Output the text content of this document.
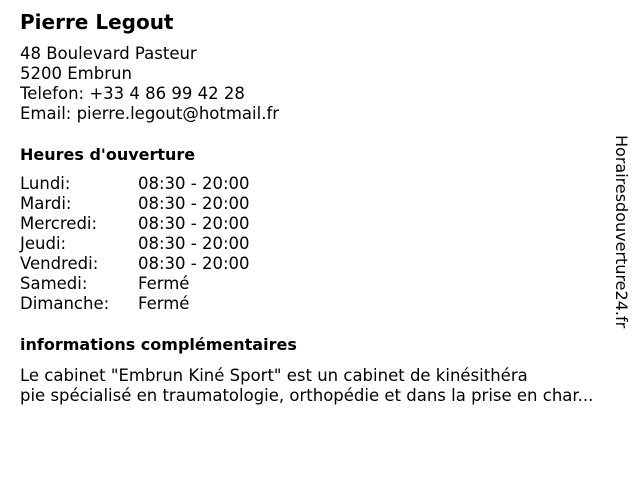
Pierre Legout
48 Boulevard Pasteur
5200 Embrun
Telefon: +33 4 86 99 42 28
Email: pierre.legout@hotmail.fr
Heures d'ouverture
Lundi:	08:30 - 20:00
Mardi:	08:30 - 20:00
Mercredi: 08:30 - 20:00
Jeudi:	08:30 - 20:00
Vendredi: 08:30 - 20:00
Samedi:	Fermé
Dimanche: Fermé
informations complémentaires
Le cabinet "Embrun Kiné Sport" est un cabinet de kinésithéra
pie spécialisé en traumatologie, orthopédie et dans la prise en char...
Horairesdouverture24.fr
